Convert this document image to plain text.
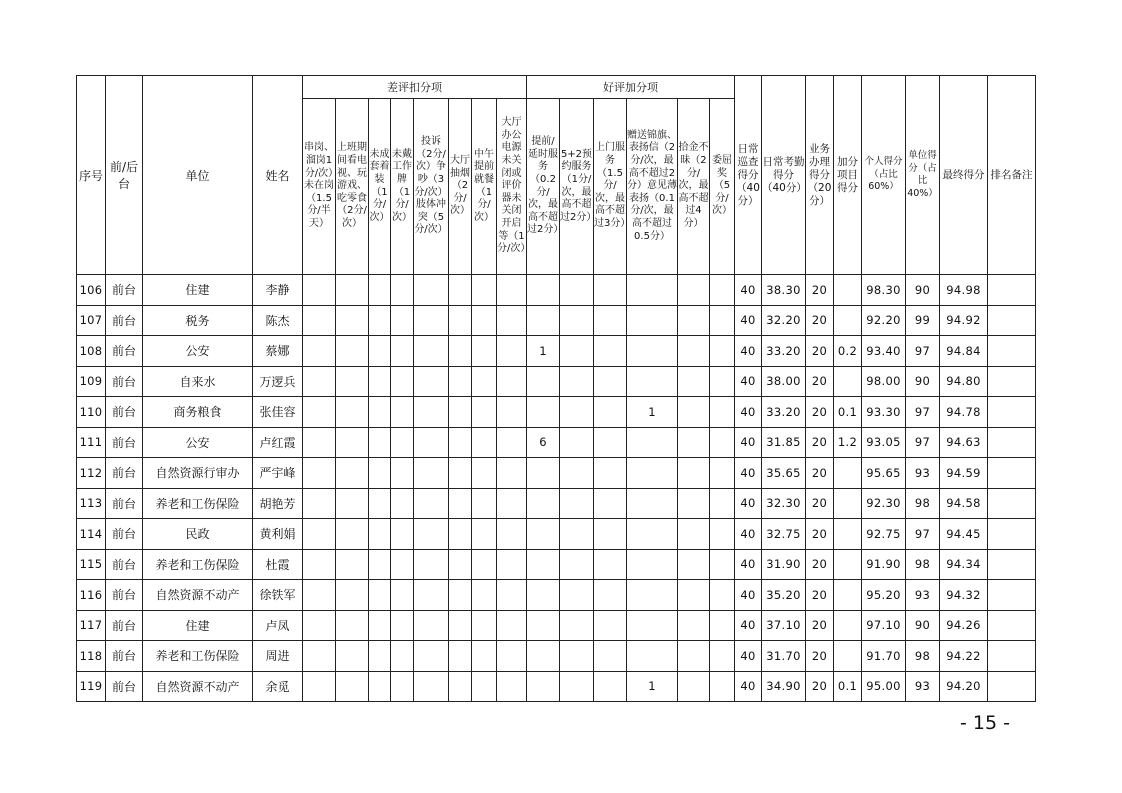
序号	前/后台	单位	姓名	差评扣分项								好评加分项						日常巡查得分（40分）	日常考勤得分（40分）	业务办理得分（20分）	加分项目得分	个人得分（占比60%）	单位得分（占比40%）	最终得分	排名备注
				串岗、溜岗1分/次）未在岗（1.5分/半天）	上班期间看电视、玩游戏、吃零食（2分/次）	未成套着装（1分/次）	未戴工作牌（1分/次）	投诉（2分/次）争吵（3分/次）肢体冲突（5分/次）	大厅抽烟（2分/次）	中午提前就餐（1分/次）	大厅办公电源未关闭或评价器未关闭开启等（1分/次）	提前/延时服务（0.2分/次，最高不超过2分）	5+2预约服务（1分/次，最高不超过2分）	上门服务（1.5分/次，最高不超过3分）	赠送锦旗、表扬信（2分/次，最高不超过2分）意见薄表扬（0.1分/次，最高不超过0.5分）	拾金不昧（2分/次，最高不超过4分）	委屈奖（5分/次）								
106	前台	住建	李静															40	38.30	20		98.30	90	94.98	
107	前台	税务	陈杰															40	32.20	20		92.20	99	94.92	
108	前台	公安	蔡娜									1						40	33.20	20	0.2	93.40	97	94.84	
109	前台	自来水	万逻兵															40	38.00	20		98.00	90	94.80	
110	前台	商务粮食	张佳容												1			40	33.20	20	0.1	93.30	97	94.78	
111	前台	公安	卢红霞									6						40	31.85	20	1.2	93.05	97	94.63	
112	前台	自然资源行审办	严宇峰															40	35.65	20		95.65	93	94.59	
113	前台	养老和工伤保险	胡艳芳															40	32.30	20		92.30	98	94.58	
114	前台	民政	黄利娟															40	32.75	20		92.75	97	94.45	
115	前台	养老和工伤保险	杜霞															40	31.90	20		91.90	98	94.34	
116	前台	自然资源不动产	徐铁军															40	35.20	20		95.20	93	94.32	
117	前台	住建	卢凤															40	37.10	20		97.10	90	94.26	
118	前台	养老和工伤保险	周进															40	31.70	20		91.70	98	94.22	
119	前台	自然资源不动产	余觅												1			40	34.90	20	0.1	95.00	93	94.20	
- 15 -
